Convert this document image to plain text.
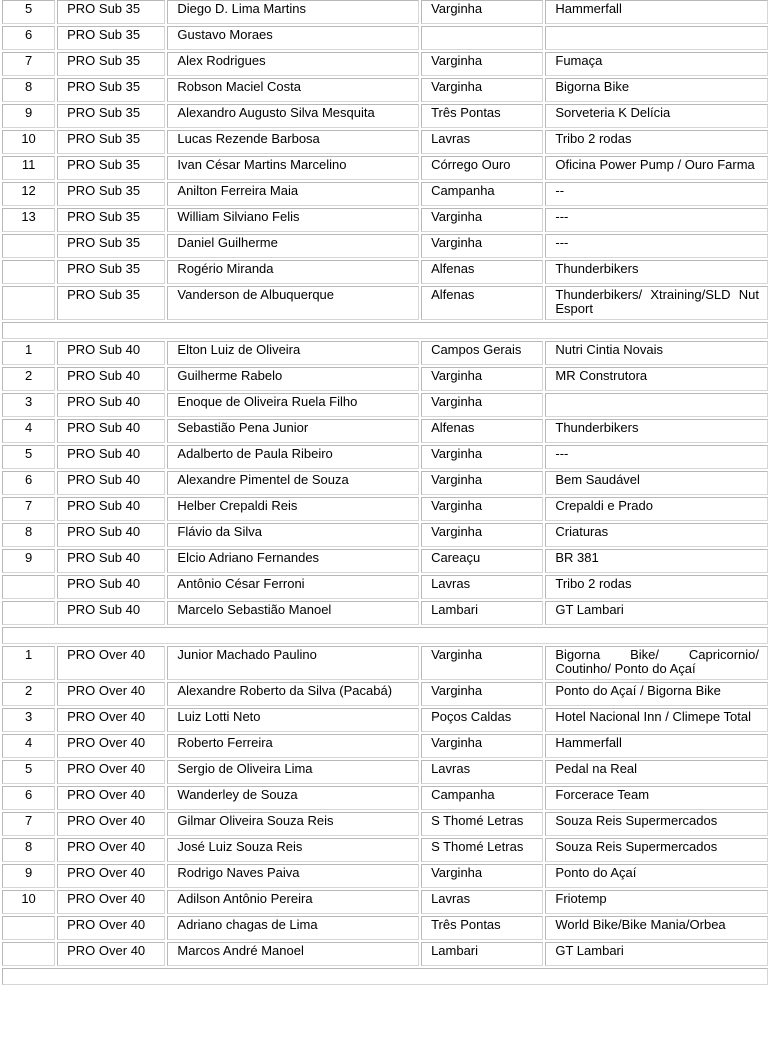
5	PRO Sub 35	Diego D. Lima Martins	Varginha	Hammerfall
6	PRO Sub 35	Gustavo Moraes		
7	PRO Sub 35	Alex Rodrigues	Varginha	Fumaça
8	PRO Sub 35	Robson Maciel Costa	Varginha	Bigorna Bike
9	PRO Sub 35	Alexandro Augusto Silva Mesquita	Três Pontas	Sorveteria K Delícia
10	PRO Sub 35	Lucas Rezende Barbosa	Lavras	Tribo 2 rodas
11	PRO Sub 35	Ivan César Martins Marcelino	Córrego Ouro	Oficina Power Pump / Ouro Farma
12	PRO Sub 35	Anilton Ferreira Maia	Campanha	--
13	PRO Sub 35	William Silviano Felis	Varginha	---
	PRO Sub 35	Daniel Guilherme	Varginha	---
	PRO Sub 35	Rogério Miranda	Alfenas	Thunderbikers
	PRO Sub 35	Vanderson de Albuquerque	Alfenas	Thunderbikers/ Xtraining/SLD Nut Esport

1	PRO Sub 40	Elton Luiz de Oliveira	Campos Gerais	Nutri Cintia Novais
2	PRO Sub 40	Guilherme Rabelo	Varginha	MR Construtora
3	PRO Sub 40	Enoque de Oliveira Ruela Filho	Varginha	
4	PRO Sub 40	Sebastião Pena Junior	Alfenas	Thunderbikers
5	PRO Sub 40	Adalberto de Paula Ribeiro	Varginha	---
6	PRO Sub 40	Alexandre Pimentel de Souza	Varginha	Bem Saudável
7	PRO Sub 40	Helber Crepaldi Reis	Varginha	Crepaldi e Prado
8	PRO Sub 40	Flávio da Silva	Varginha	Criaturas
9	PRO Sub 40	Elcio Adriano Fernandes	Careaçu	BR 381
	PRO Sub 40	Antônio César Ferroni	Lavras	Tribo 2 rodas
	PRO Sub 40	Marcelo Sebastião Manoel	Lambari	GT Lambari

1	PRO Over 40	Junior Machado Paulino	Varginha	Bigorna Bike/ Capricornio/ Coutinho/ Ponto do Açaí
2	PRO Over 40	Alexandre Roberto da Silva (Pacabá)	Varginha	Ponto do Açaí / Bigorna Bike
3	PRO Over 40	Luiz Lotti Neto	Poços Caldas	Hotel Nacional Inn / Climepe Total
4	PRO Over 40	Roberto Ferreira	Varginha	Hammerfall
5	PRO Over 40	Sergio de Oliveira Lima	Lavras	Pedal na Real
6	PRO Over 40	Wanderley de Souza	Campanha	Forcerace Team
7	PRO Over 40	Gilmar Oliveira Souza Reis	S Thomé Letras	Souza Reis Supermercados
8	PRO Over 40	José Luiz Souza Reis	S Thomé Letras	Souza Reis Supermercados
9	PRO Over 40	Rodrigo Naves Paiva	Varginha	Ponto do Açaí
10	PRO Over 40	Adilson Antônio Pereira	Lavras	Friotemp
	PRO Over 40	Adriano chagas de Lima	Três Pontas	World Bike/Bike Mania/Orbea
	PRO Over 40	Marcos André Manoel	Lambari	GT Lambari
